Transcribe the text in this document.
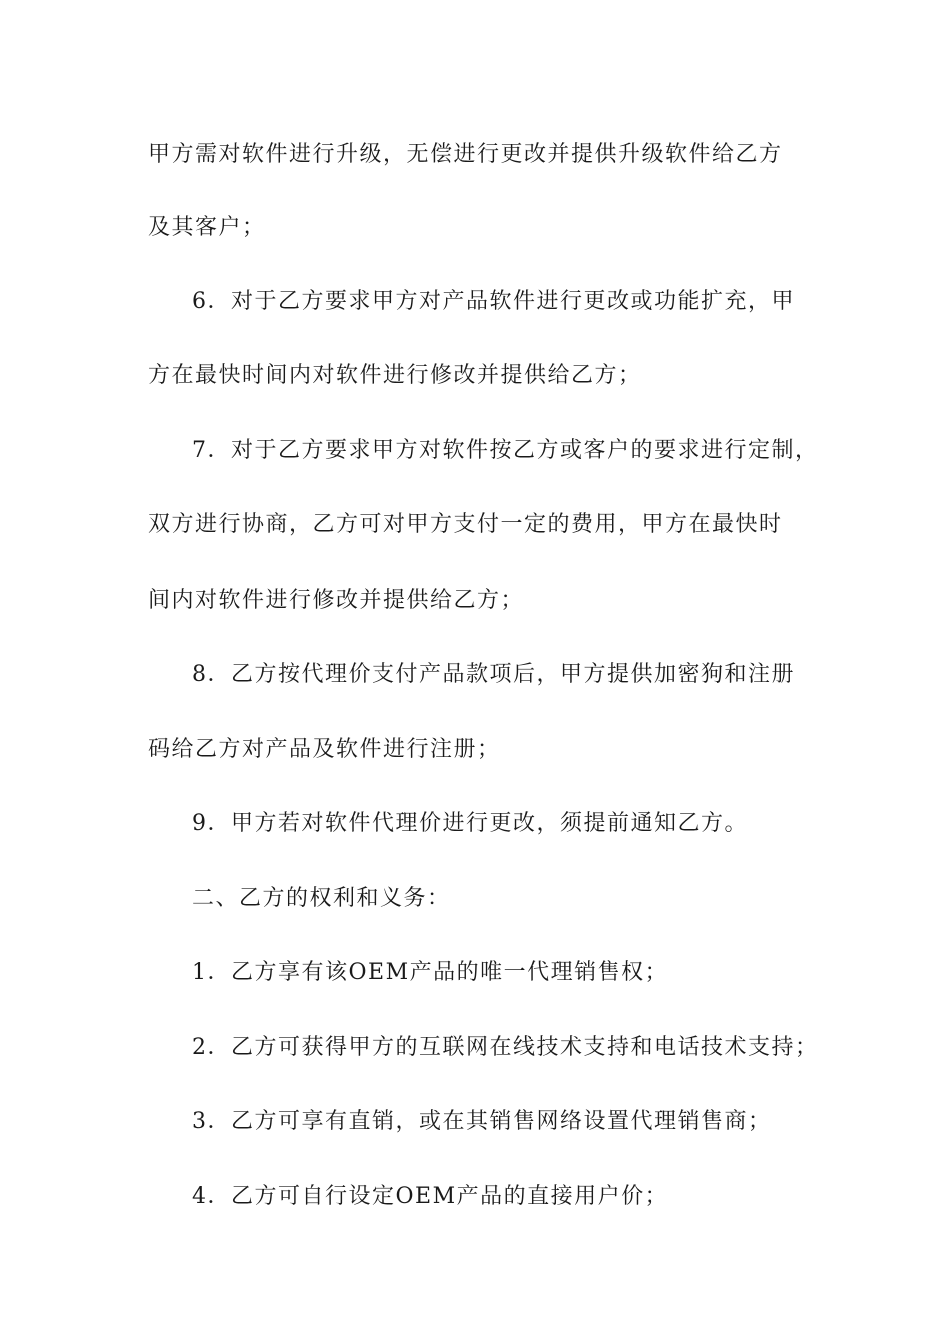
甲方需对软件进行升级，无偿进行更改并提供升级软件给乙方
及其客户；
6．对于乙方要求甲方对产品软件进行更改或功能扩充，甲
方在最快时间内对软件进行修改并提供给乙方；
7．对于乙方要求甲方对软件按乙方或客户的要求进行定制，
双方进行协商，乙方可对甲方支付一定的费用，甲方在最快时
间内对软件进行修改并提供给乙方；
8．乙方按代理价支付产品款项后，甲方提供加密狗和注册
码给乙方对产品及软件进行注册；
9．甲方若对软件代理价进行更改，须提前通知乙方。
二、乙方的权利和义务：
1．乙方享有该OEM产品的唯一代理销售权；
2．乙方可获得甲方的互联网在线技术支持和电话技术支持；
3．乙方可享有直销，或在其销售网络设置代理销售商；
4．乙方可自行设定OEM产品的直接用户价；
